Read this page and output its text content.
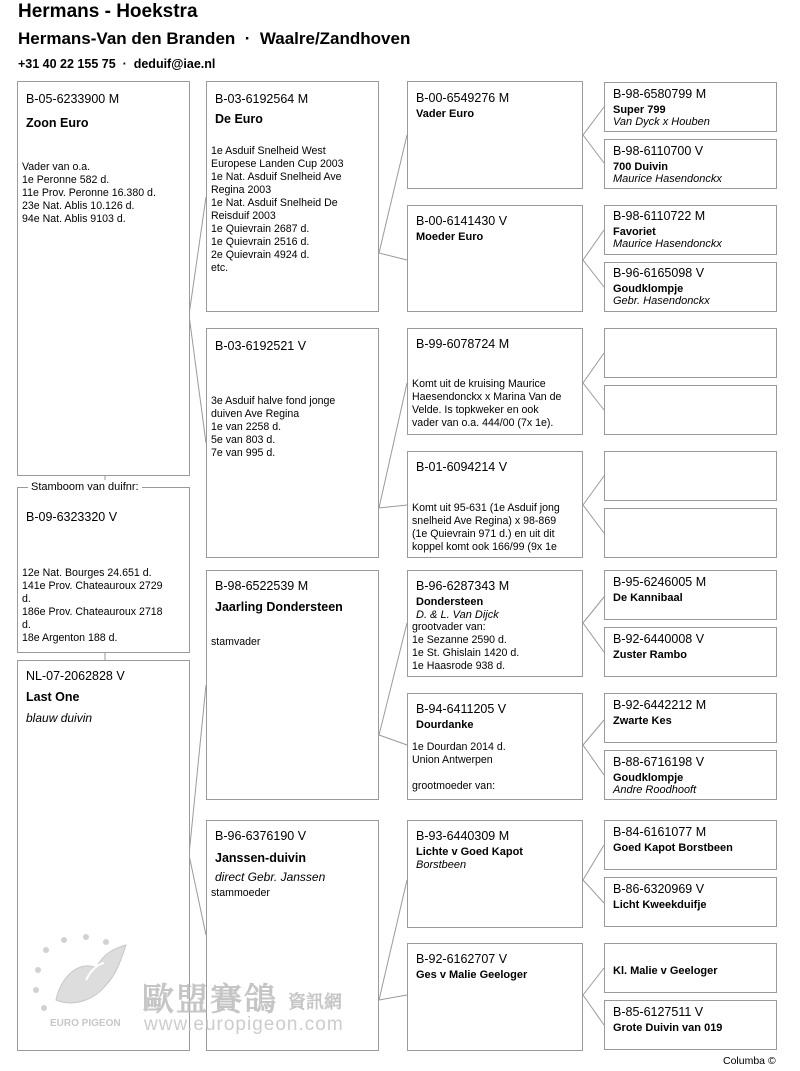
Hermans - Hoekstra
Hermans-Van den Branden  ·  Waalre/Zandhoven
+31 40 22 155 75  ·  deduif@iae.nl
B-05-6233900 M
Zoon Euro
Vader van o.a.
1e Peronne 582 d.
11e Prov. Peronne 16.380 d.
23e Nat. Ablis 10.126 d.
94e Nat. Ablis 9103 d.
Stamboom van duifnr:
B-09-6323320 V
12e Nat. Bourges 24.651 d.
141e Prov. Chateauroux 2729
d.
186e Prov. Chateauroux 2718
d.
18e Argenton 188 d.
NL-07-2062828 V
Last One
blauw duivin
B-03-6192564 M
De Euro
1e Asduif Snelheid West
Europese Landen Cup 2003
1e Nat. Asduif Snelheid Ave
Regina 2003
1e Nat. Asduif Snelheid De
Reisduif 2003
1e Quievrain 2687 d.
1e Quievrain 2516 d.
2e Quievrain 4924 d.
etc.
B-03-6192521 V
3e Asduif halve fond jonge
duiven Ave Regina
1e van 2258 d.
5e van 803 d.
7e van 995 d.
B-98-6522539 M
Jaarling Dondersteen
stamvader
B-96-6376190 V
Janssen-duivin
direct Gebr. Janssen
stammoeder
B-00-6549276 M
Vader Euro
B-00-6141430 V
Moeder Euro
B-99-6078724 M
Komt uit de kruising Maurice
Haesendonckx x Marina Van de
Velde. Is topkweker en ook
vader van o.a. 444/00 (7x 1e).
B-01-6094214 V
Komt uit 95-631 (1e Asduif jong
snelheid Ave Regina) x 98-869
(1e Quievrain 971 d.) en uit dit
koppel komt ook 166/99 (9x 1e
B-96-6287343 M
Dondersteen
D. & L. Van Dijck
grootvader van:
1e Sezanne 2590 d.
1e St. Ghislain 1420 d.
1e Haasrode 938 d.
B-94-6411205 V
Dourdanke
1e Dourdan 2014 d.
Union Antwerpen

grootmoeder van:
B-93-6440309 M
Lichte v Goed Kapot
Borstbeen
B-92-6162707 V
Ges v Malie Geeloger
B-98-6580799 M
Super 799
Van Dyck x Houben
B-98-6110700 V
700 Duivin
Maurice Hasendonckx
B-98-6110722 M
Favoriet
Maurice Hasendonckx
B-96-6165098 V
Goudklompje
Gebr. Hasendonckx
B-95-6246005 M
De Kannibaal
B-92-6440008 V
Zuster Rambo
B-92-6442212 M
Zwarte Kes
B-88-6716198 V
Goudklompje
Andre Roodhooft
B-84-6161077 M
Goed Kapot Borstbeen
B-86-6320969 V
Licht Kweekduifje
Kl. Malie v Geeloger
B-85-6127511 V
Grote Duivin van 019
EURO PIGEON
歐盟賽鴿 資訊網
www.europigeon.com
Columba ©
